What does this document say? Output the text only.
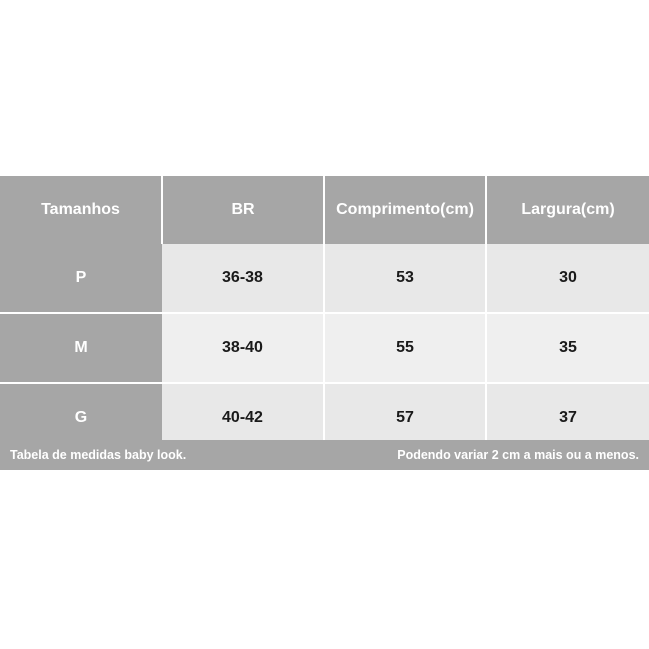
Tamanhos	BR	Comprimento(cm)	Largura(cm)
P	36-38	53	30
M	38-40	55	35
G	40-42	57	37
Tabela de medidas baby look.	Podendo variar 2 cm a mais ou a menos.
